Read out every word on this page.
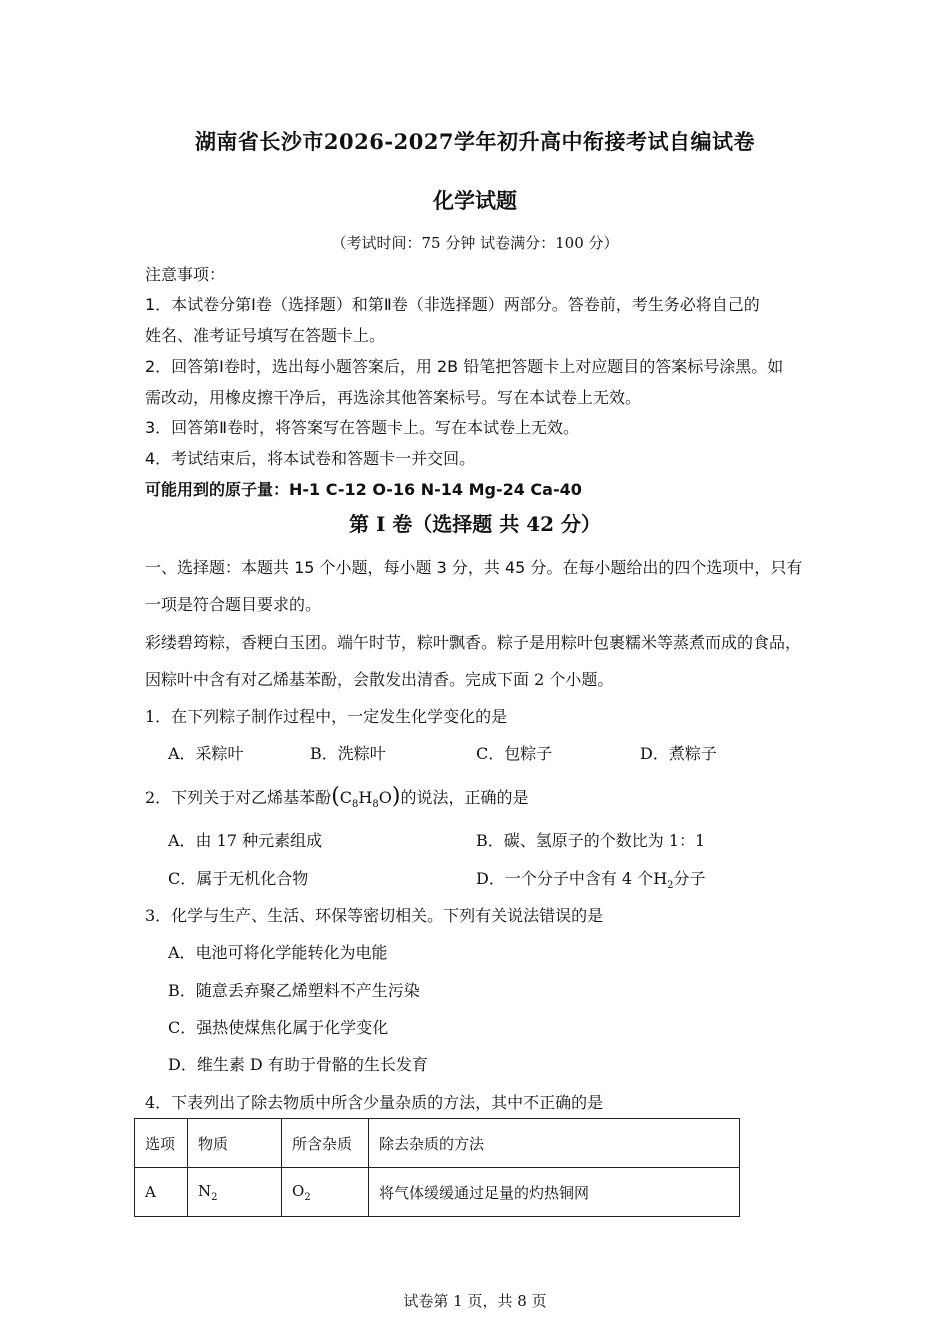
湖南省长沙市2026-2027学年初升高中衔接考试自编试卷
化学试题
（考试时间：75 分钟 试卷满分：100 分）
注意事项：
1．本试卷分第Ⅰ卷（选择题）和第Ⅱ卷（非选择题）两部分。答卷前，考生务必将自己的
姓名、准考证号填写在答题卡上。
2．回答第Ⅰ卷时，选出每小题答案后，用 2B 铅笔把答题卡上对应题目的答案标号涂黑。如
需改动，用橡皮擦干净后，再选涂其他答案标号。写在本试卷上无效。
3．回答第Ⅱ卷时，将答案写在答题卡上。写在本试卷上无效。
4．考试结束后，将本试卷和答题卡一并交回。
可能用到的原子量：H-1 C-12 O-16 N-14 Mg-24 Ca-40
第 I 卷（选择题 共 42 分）
一、选择题：本题共 15 个小题，每小题 3 分，共 45 分。在每小题给出的四个选项中，只有
一项是符合题目要求的。
彩缕碧筠粽，香粳白玉团。端午时节，粽叶飘香。粽子是用粽叶包裹糯米等蒸煮而成的食品，
因粽叶中含有对乙烯基苯酚，会散发出清香。完成下面 2 个小题。
1．在下列粽子制作过程中，一定发生化学变化的是
A．采粽叶	B．洗粽叶	C．包粽子	D．煮粽子
2．下列关于对乙烯基苯酚$(C_8H_8O)$的说法，正确的是
A．由 17 种元素组成	B．碳、氢原子的个数比为 1：1
C．属于无机化合物	D．一个分子中含有 4 个$H_2$分子
3．化学与生产、生活、环保等密切相关。下列有关说法错误的是
A．电池可将化学能转化为电能
B．随意丢弃聚乙烯塑料不产生污染
C．强热使煤焦化属于化学变化
D．维生素 D 有助于骨骼的生长发育
4．下表列出了除去物质中所含少量杂质的方法，其中不正确的是
选项	物质	所含杂质	除去杂质的方法
A	$N_2$	$O_2$	将气体缓缓通过足量的灼热铜网
试卷第 1 页，共 8 页
